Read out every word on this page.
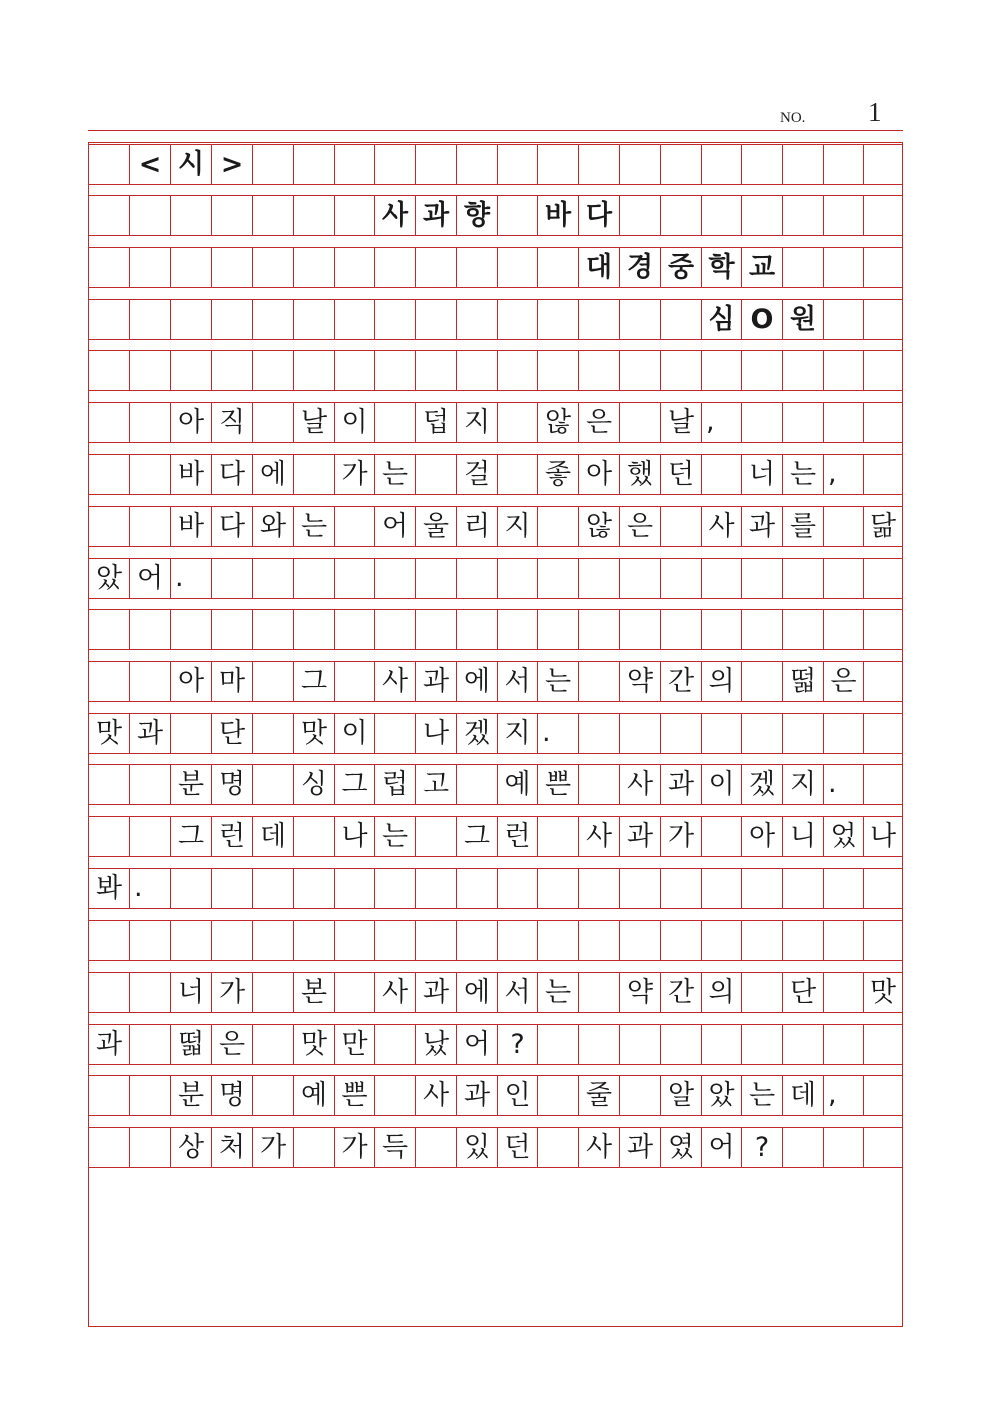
NO. 1
< 시 >
사 과 향 바 다
대 경 중 학 교
심 O 원
아 직 날 이 덥 지 않 은 날 ,
바 다 에 가 는 걸 좋 아 했 던 너 는 ,
바 다 와 는 어 울 리 지 않 은 사 과 를 닮
았 어 .
아 마 그 사 과 에 서 는 약 간 의 떫 은
맛 과 단 맛 이 나 겠 지 .
분 명 싱 그 럽 고 예 쁜 사 과 이 겠 지 .
그 런 데 나 는 그 런 사 과 가 아 니 었 나
봐 .
너 가 본 사 과 에 서 는 약 간 의 단 맛
과 떫 은 맛 만 났 어 ?
분 명 예 쁜 사 과 인 줄 알 았 는 데 ,
상 처 가 가 득 있 던 사 과 였 어 ?
